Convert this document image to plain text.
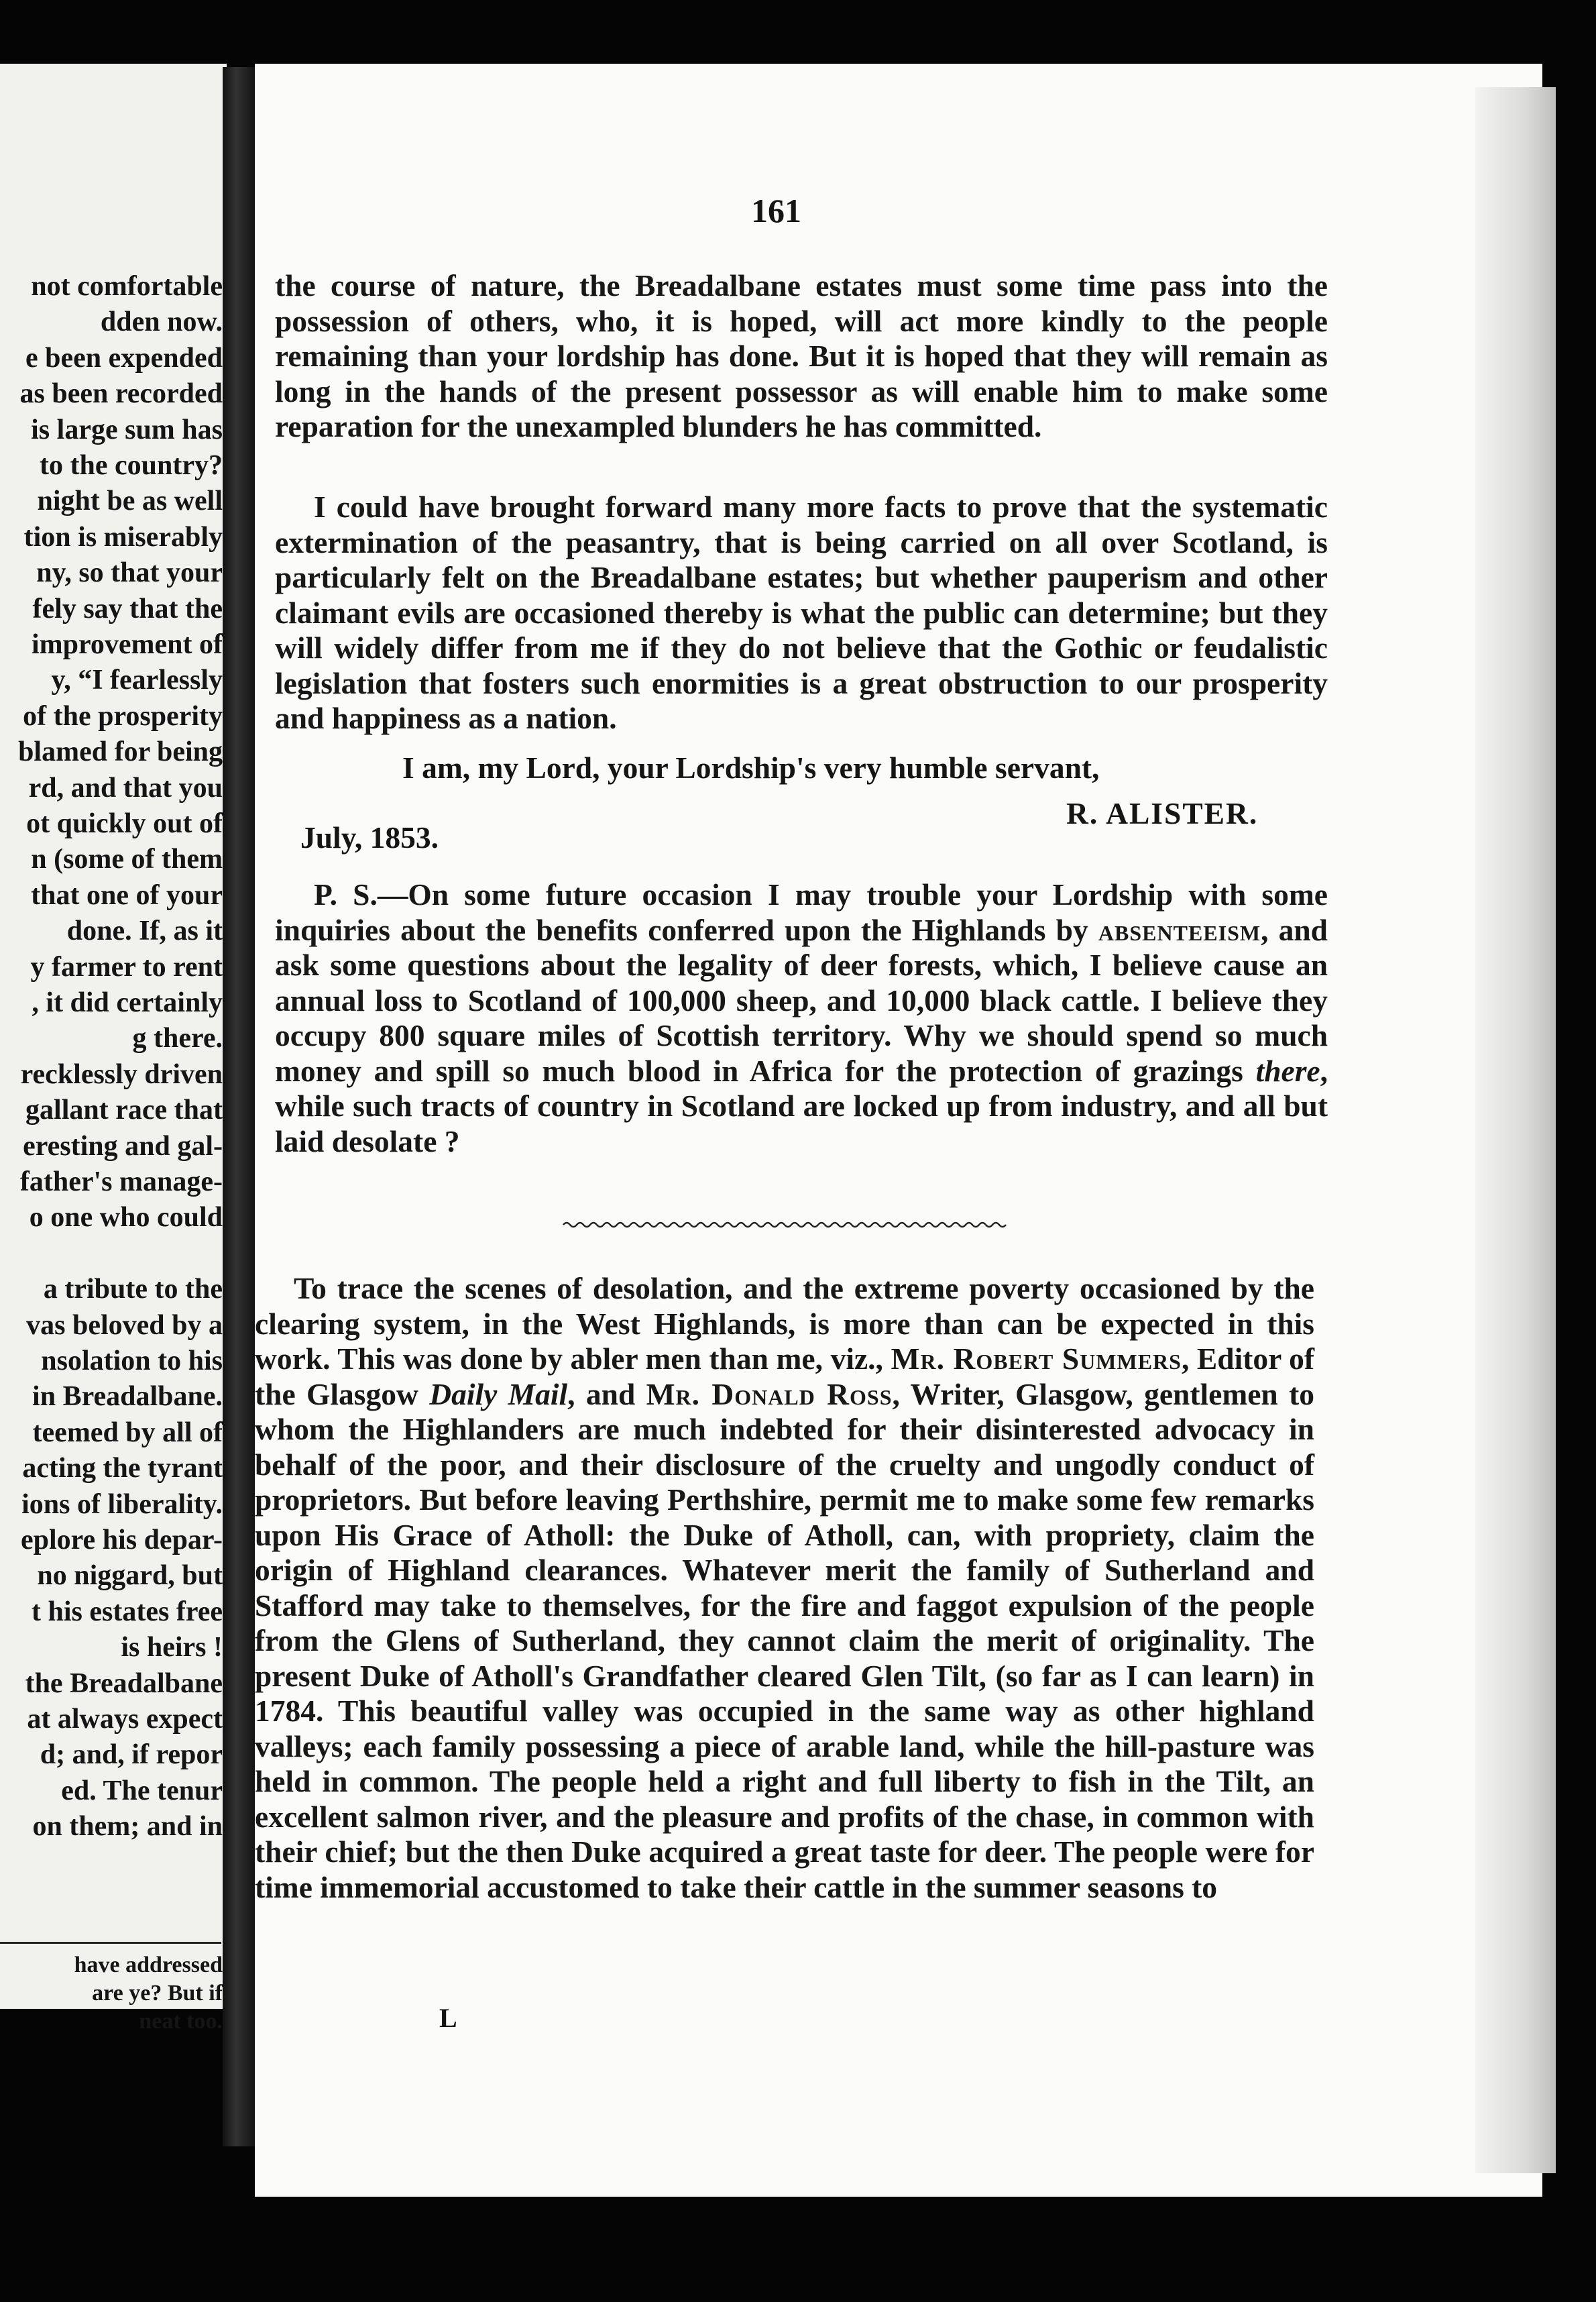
not comfortable
dden now.
e been expended
as been recorded
is large sum has
to the country?
night be as well
tion is miserably
ny, so that your
fely say that the
improvement of
y, “I fearlessly
of the prosperity
blamed for being
rd, and that you
ot quickly out of
n (some of them
that one of your
done. If, as it
y farmer to rent
, it did certainly
g there.
recklessly driven
gallant race that
eresting and gal-
father's manage-
o one who could
a tribute to the
vas beloved by a
nsolation to his
in Breadalbane.
teemed by all of
acting the tyrant
ions of liberality.
eplore his depar-
no niggard, but
t his estates free
is heirs !
the Breadalbane
at always expect
d; and, if repor
ed. The tenur
on them; and in
have addressed
are ye? But if
neat too.
161
the course of nature, the Breadalbane estates must some time pass into the possession of others, who, it is hoped, will act more kindly to the people remaining than your lordship has done. But it is hoped that they will remain as long in the hands of the present possessor as will enable him to make some reparation for the unexampled blunders he has committed.
I could have brought forward many more facts to prove that the systematic extermination of the peasantry, that is being carried on all over Scotland, is particularly felt on the Breadalbane estates; but whether pauperism and other claimant evils are occasioned thereby is what the public can determine; but they will widely differ from me if they do not believe that the Gothic or feudalistic legislation that fosters such enormities is a great obstruction to our prosperity and happiness as a nation.
I am, my Lord, your Lordship's very humble servant,
R. ALISTER.
July, 1853.
P. S.—On some future occasion I may trouble your Lordship with some inquiries about the benefits conferred upon the Highlands by absenteeism, and ask some questions about the legality of deer forests, which, I believe cause an annual loss to Scotland of 100,000 sheep, and 10,000 black cattle. I believe they occupy 800 square miles of Scottish territory. Why we should spend so much money and spill so much blood in Africa for the protection of grazings there, while such tracts of country in Scotland are locked up from industry, and all but laid desolate ?
To trace the scenes of desolation, and the extreme poverty occasioned by the clearing system, in the West Highlands, is more than can be expected in this work. This was done by abler men than me, viz., Mr. Robert Summers, Editor of the Glasgow Daily Mail, and Mr. Donald Ross, Writer, Glasgow, gentlemen to whom the Highlanders are much indebted for their disinterested advocacy in behalf of the poor, and their disclosure of the cruelty and ungodly conduct of proprietors. But before leaving Perthshire, permit me to make some few remarks upon His Grace of Atholl: the Duke of Atholl, can, with propriety, claim the origin of Highland clearances. Whatever merit the family of Sutherland and Stafford may take to themselves, for the fire and faggot expulsion of the people from the Glens of Sutherland, they cannot claim the merit of originality. The present Duke of Atholl's Grandfather cleared Glen Tilt, (so far as I can learn) in 1784. This beautiful valley was occupied in the same way as other highland valleys; each family possessing a piece of arable land, while the hill-pasture was held in common. The people held a right and full liberty to fish in the Tilt, an excellent salmon river, and the pleasure and profits of the chase, in common with their chief; but the then Duke acquired a great taste for deer. The people were for time immemorial accustomed to take their cattle in the summer seasons to
L
